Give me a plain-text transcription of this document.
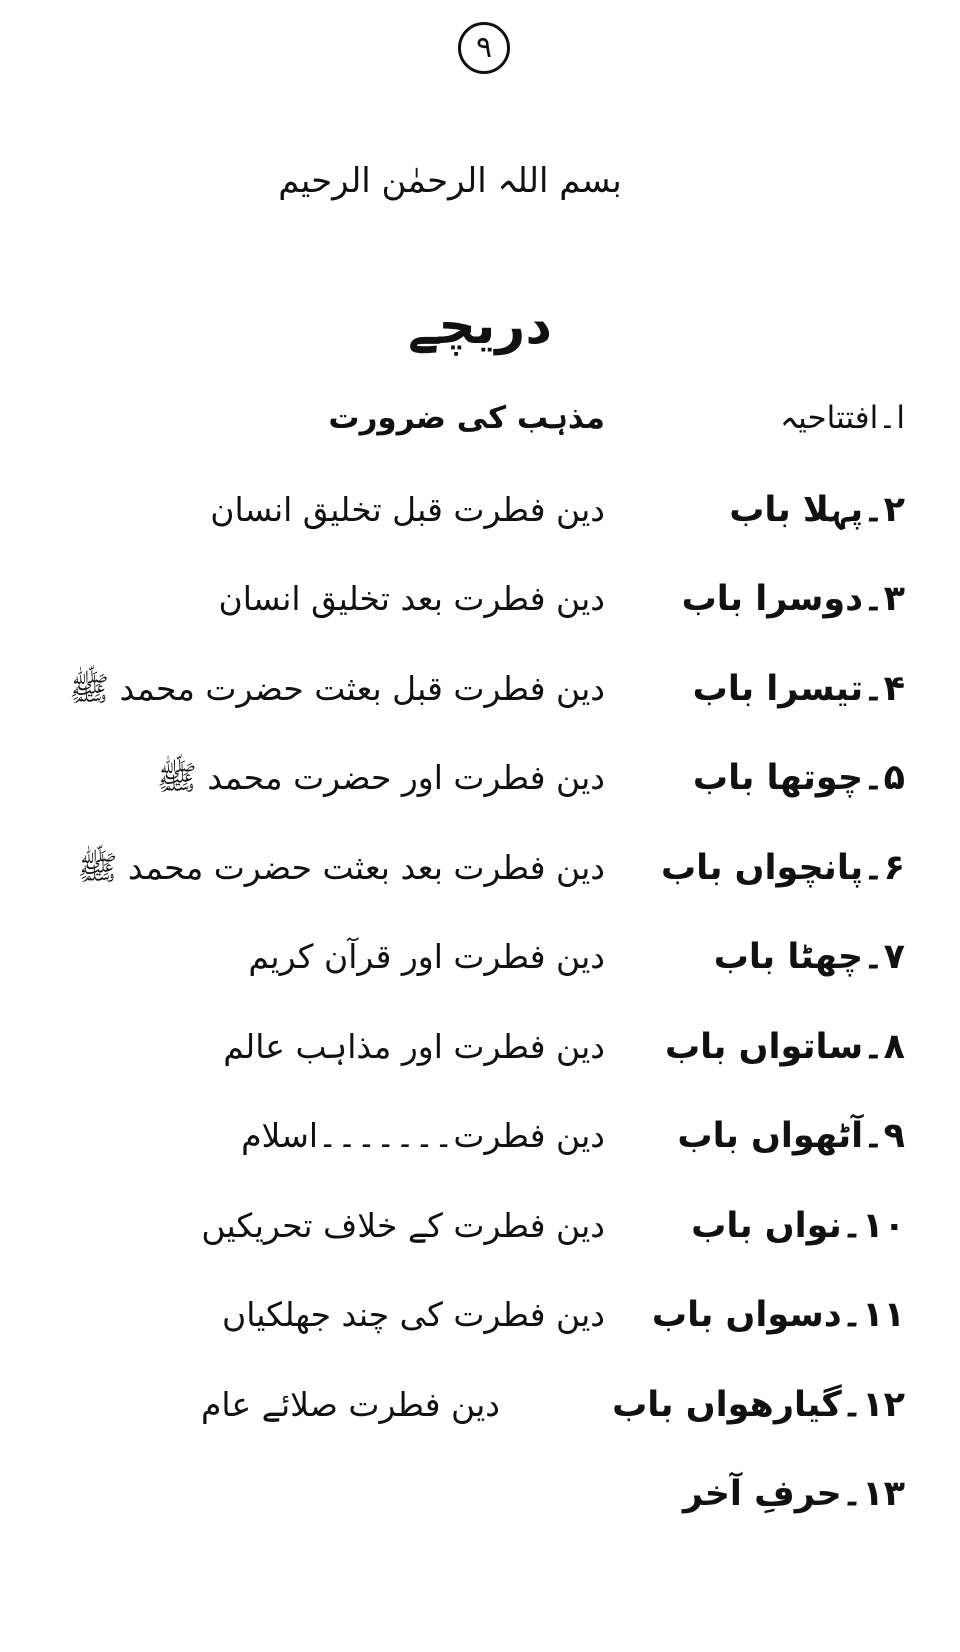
٩
بسم اللہ الرحمٰن الرحیم
دریچے
ا۔افتتاحیہ
مذہب کی ضرورت
۲۔پہلا باب
دین فطرت قبل تخلیق انسان
۳۔دوسرا باب
دین فطرت بعد تخلیق انسان
۴۔تیسرا باب
دین فطرت قبل بعثت حضرت محمد ﷺ
۵۔چوتھا باب
دین فطرت اور حضرت محمد ﷺ
۶۔پانچواں باب
دین فطرت بعد بعثت حضرت محمد ﷺ
۷۔چھٹا باب
دین فطرت اور قرآن کریم
۸۔ساتواں باب
دین فطرت اور مذاہب عالم
۹۔آٹھواں باب
دین فطرت۔۔۔۔۔۔۔اسلام
۱۰۔نواں باب
دین فطرت کے خلاف تحریکیں
۱۱۔دسواں باب
دین فطرت کی چند جھلکیاں
۱۲۔گیارھواں باب
دین فطرت صلائے عام
۱۳۔حرفِ آخر
